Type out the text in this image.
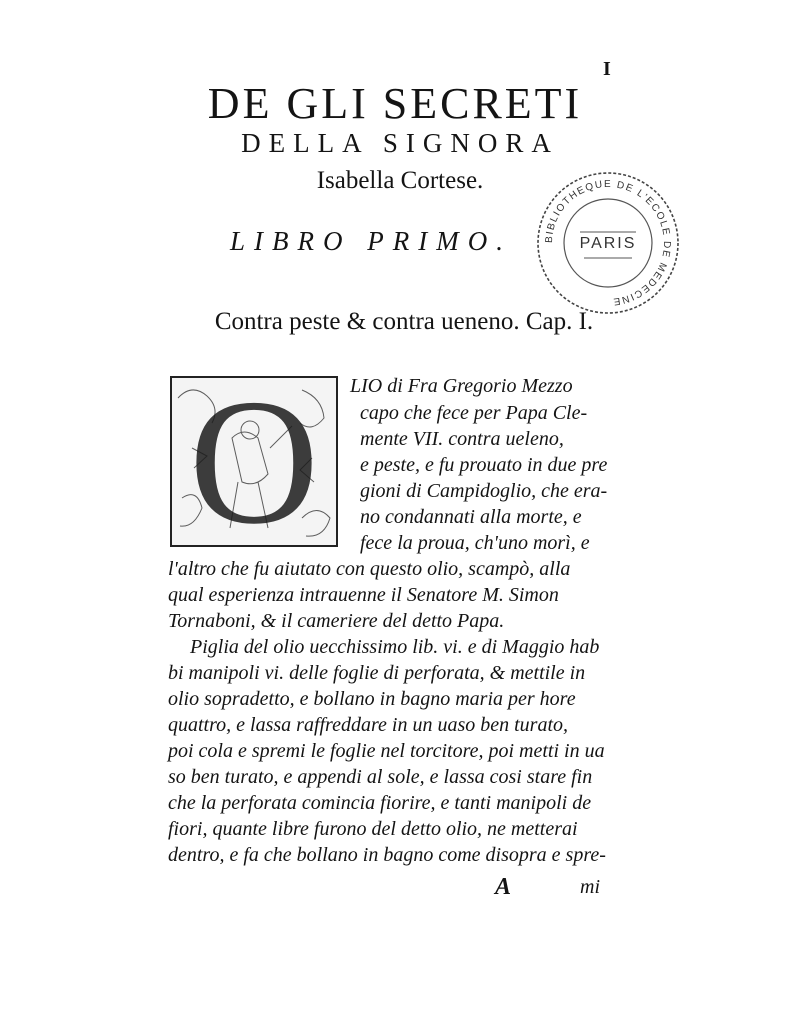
I
DE GLI SECRETI
DELLA SIGNORA
Isabella Cortese.
LIBRO PRIMO.	BIBLIOTHEQUE DE L'ECOLE DE MEDECINE
PARIS
Contra peste & contra ueneno. Cap. I.
O	LIO di Fra Gregorio Mezzo
capo che fece per Papa Cle-
mente VII. contra ueleno,
e peste, e fu prouato in due pre
gioni di Campidoglio, che era-
no condannati alla morte, e
fece la proua, ch'uno morì, e
l'altro che fu aiutato con questo olio, scampò, alla
qual esperienza intrauenne il Senatore M. Simon
Tornaboni, & il cameriere del detto Papa.
Piglia del olio uecchissimo lib. vi. e di Maggio hab
bi manipoli vi. delle foglie di perforata, & mettile in
olio sopradetto, e bollano in bagno maria per hore
quattro, e lassa raffreddare in un uaso ben turato,
poi cola e spremi le foglie nel torcitore, poi metti in ua
so ben turato, e appendi al sole, e lassa cosi stare fin
che la perforata comincia fiorire, e tanti manipoli de
fiori, quante libre furono del detto olio, ne metterai
dentro, e fa che bollano in bagno come disopra e spre-
A	mi
